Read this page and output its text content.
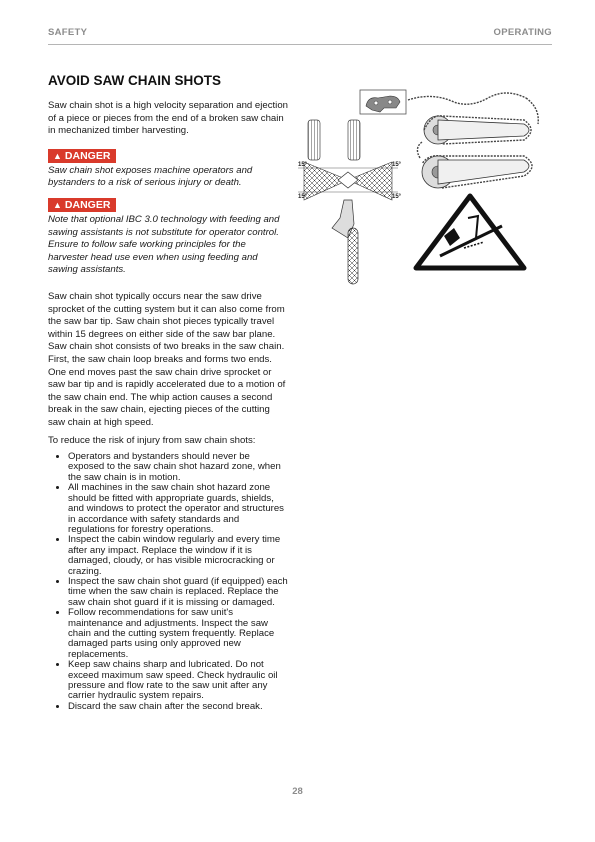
SAFETY	OPERATING
AVOID SAW CHAIN SHOTS

Saw chain shot is a high velocity separation and ejection of a piece or pieces from the end of a broken saw chain in mechanized timber harvesting.

▲ DANGER

Saw chain shot exposes machine operators and bystanders to a risk of serious injury or death.

▲ DANGER

Note that optional IBC 3.0 technology with feeding and sawing assistants is not substitute for operator control. Ensure to follow safe working principles for the harvester head use even when using feeding and sawing assistants.

Saw chain shot typically occurs near the saw drive sprocket of the cutting system but it can also come from the saw bar tip. Saw chain shot pieces typically travel within 15 degrees on either side of the saw bar plane. Saw chain shot consists of two breaks in the saw chain. First, the saw chain loop breaks and forms two ends. One end moves past the saw chain drive sprocket or saw bar tip and is rapidly accelerated due to a motion of the saw chain end. The whip action causes a second break in the saw chain, ejecting pieces of the cutting saw chain at high speed.

To reduce the risk of injury from saw chain shots:

• Operators and bystanders should never be exposed to the saw chain shot hazard zone, when the saw chain is in motion.
• All machines in the saw chain shot hazard zone should be fitted with appropriate guards, shields, and windows to protect the operator and structures in accordance with safety standards and regulations for forestry operations.
• Inspect the cabin window regularly and every time after any impact. Replace the window if it is damaged, cloudy, or has visible microcracking or crazing.
• Inspect the saw chain shot guard (if equipped) each time when the saw chain is replaced. Replace the saw chain shot guard if it is missing or damaged.
• Follow recommendations for saw unit's maintenance and adjustments. Inspect the saw chain and the cutting system frequently. Replace damaged parts using only approved new replacements.
• Keep saw chains sharp and lubricated. Do not exceed maximum saw speed. Check hydraulic oil pressure and flow rate to the saw unit after any carrier hydraulic system repairs.
• Discard the saw chain after the second break.
15°	15°
15°	15°
28
